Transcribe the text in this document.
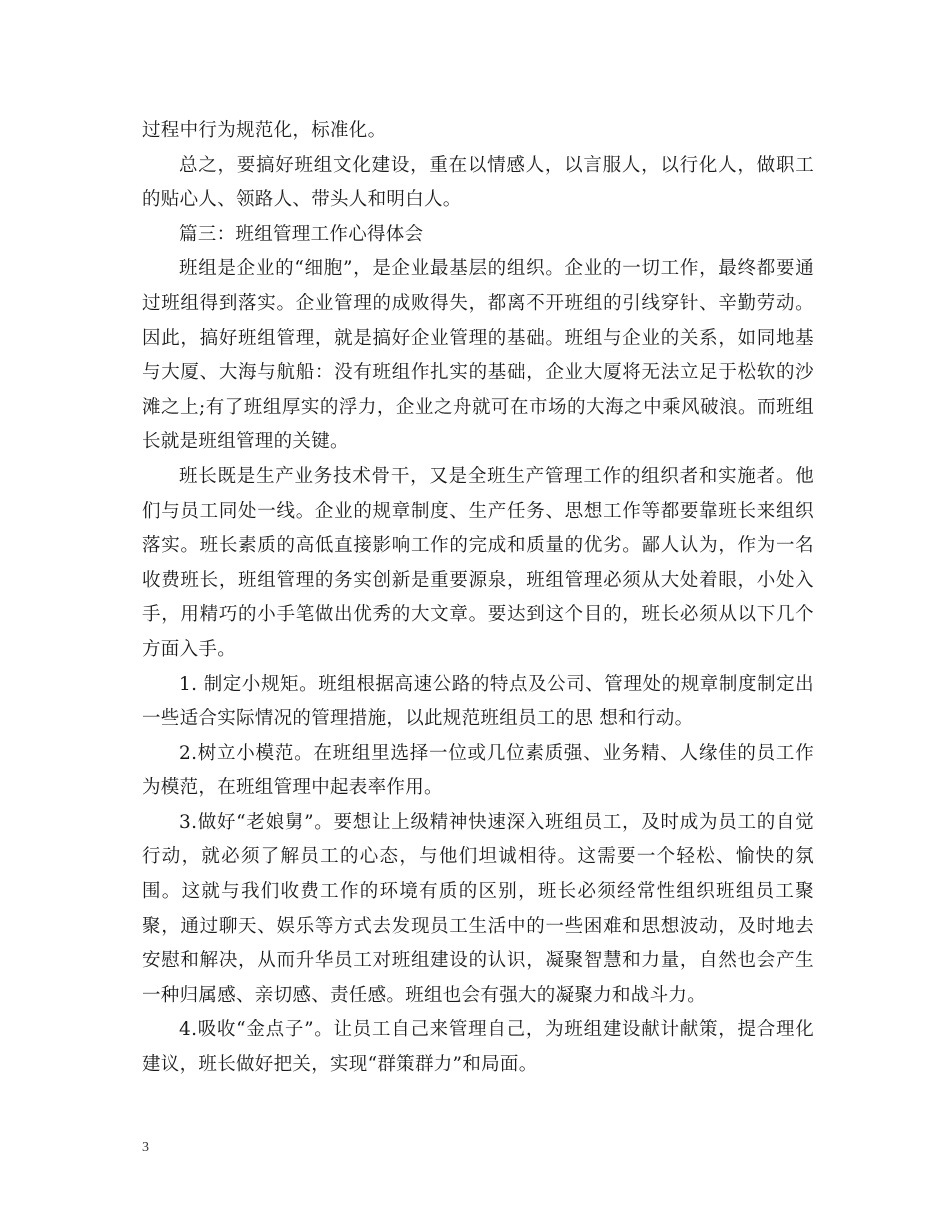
过程中行为规范化，标准化。

总之，要搞好班组文化建设，重在以情感人，以言服人，以行化人，做职工的贴心人、领路人、带头人和明白人。

篇三：班组管理工作心得体会

班组是企业的“细胞”，是企业最基层的组织。企业的一切工作，最终都要通过班组得到落实。企业管理的成败得失，都离不开班组的引线穿针、辛勤劳动。因此，搞好班组管理，就是搞好企业管理的基础。班组与企业的关系，如同地基与大厦、大海与航船：没有班组作扎实的基础，企业大厦将无法立足于松软的沙滩之上;有了班组厚实的浮力，企业之舟就可在市场的大海之中乘风破浪。而班组长就是班组管理的关键。

班长既是生产业务技术骨干，又是全班生产管理工作的组织者和实施者。他们与员工同处一线。企业的规章制度、生产任务、思想工作等都要靠班长来组织落实。班长素质的高低直接影响工作的完成和质量的优劣。鄙人认为，作为一名收费班长，班组管理的务实创新是重要源泉，班组管理必须从大处着眼，小处入手，用精巧的小手笔做出优秀的大文章。要达到这个目的，班长必须从以下几个方面入手。

1. 制定小规矩。班组根据高速公路的特点及公司、管理处的规章制度制定出一些适合实际情况的管理措施，以此规范班组员工的思 想和行动。

2.树立小模范。在班组里选择一位或几位素质强、业务精、人缘佳的员工作为模范，在班组管理中起表率作用。

3.做好“老娘舅”。要想让上级精神快速深入班组员工，及时成为员工的自觉行动，就必须了解员工的心态，与他们坦诚相待。这需要一个轻松、愉快的氛围。这就与我们收费工作的环境有质的区别，班长必须经常性组织班组员工聚聚，通过聊天、娱乐等方式去发现员工生活中的一些困难和思想波动，及时地去安慰和解决，从而升华员工对班组建设的认识，凝聚智慧和力量，自然也会产生一种归属感、亲切感、责任感。班组也会有强大的凝聚力和战斗力。

4.吸收“金点子”。让员工自己来管理自己，为班组建设献计献策，提合理化建议，班长做好把关，实现“群策群力”和局面。

3
